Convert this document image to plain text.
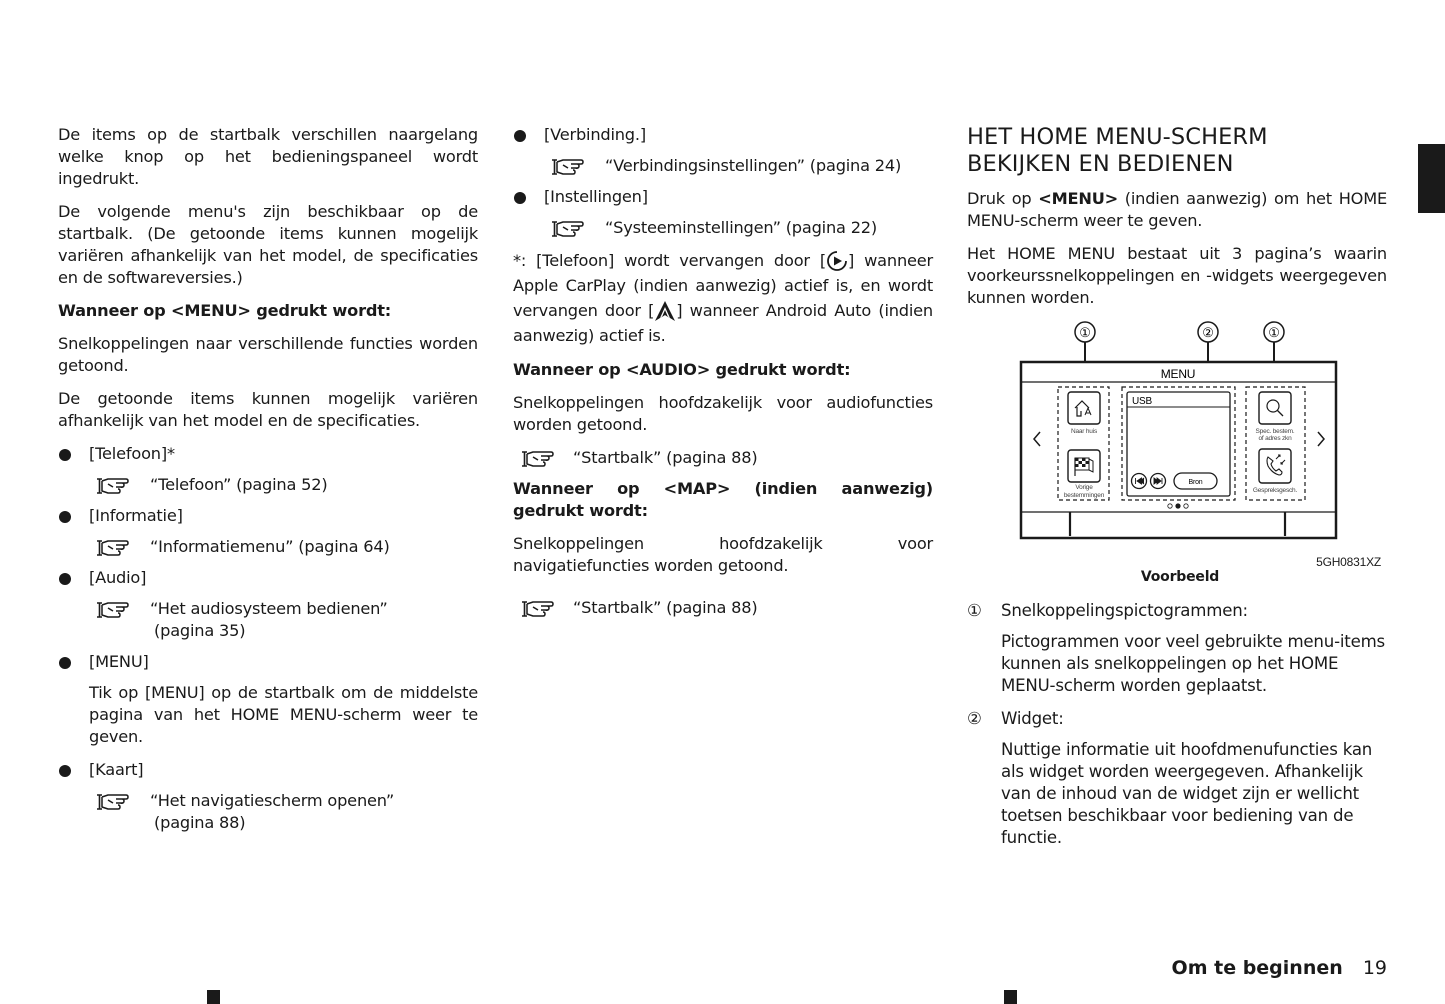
De items op de startbalk verschillen naargelang welke knop op het bedieningspaneel wordt ingedrukt.

De volgende menu's zijn beschikbaar op de startbalk. (De getoonde items kunnen mogelijk variëren afhankelijk van het model, de specificaties en de softwareversies.)

Wanneer op <MENU> gedrukt wordt:

Snelkoppelingen naar verschillende functies worden getoond.

De getoonde items kunnen mogelijk variëren afhankelijk van het model en de specificaties.

[Telefoon]*
“Telefoon” (pagina 52)
[Informatie]
“Informatiemenu” (pagina 64)
[Audio]
“Het audiosysteem bedienen”
(pagina 35)
[MENU]

Tik op [MENU] op de startbalk om de middelste pagina van het HOME MENU-scherm weer te geven.

[Kaart]
“Het navigatiescherm openen”
(pagina 88)
[Verbinding.]
“Verbindingsinstellingen” (pagina 24)
[Instellingen]
“Systeeminstellingen” (pagina 22)

*: [Telefoon] wordt vervangen door [ ] wanneer Apple CarPlay (indien aanwezig) actief is, en wordt vervangen door [ ] wanneer Android Auto (indien aanwezig) actief is.

Wanneer op <AUDIO> gedrukt wordt:

Snelkoppelingen hoofdzakelijk voor audiofuncties worden getoond.

“Startbalk” (pagina 88)

Wanneer op <MAP> (indien aanwezig) gedrukt wordt:

Snelkoppelingen hoofdzakelijk voor navigatiefuncties worden getoond.

“Startbalk” (pagina 88)
HET HOME MENU-SCHERM
BEKIJKEN EN BEDIENEN

Druk op <MENU> (indien aanwezig) om het HOME MENU-scherm weer te geven.

Het HOME MENU bestaat uit 3 pagina’s waarin voorkeurssnelkoppelingen en -widgets weergegeven kunnen worden.

①	②	①
MENU
Naar huis
Vorige
bestemmingen
USB
Bron
Spec. bestem.
of adres zkn
Gespreksgesch.
5GH0831XZ
Voorbeeld
① Snelkoppelingspictogrammen:

Pictogrammen voor veel gebruikte menu-items kunnen als snelkoppelingen op het HOME MENU-scherm worden geplaatst.

② Widget:

Nuttige informatie uit hoofdmenufuncties kan als widget worden weergegeven. Afhankelijk van de inhoud van de widget zijn er wellicht toetsen beschikbaar voor bediening van de functie.

Om te beginnen 19
